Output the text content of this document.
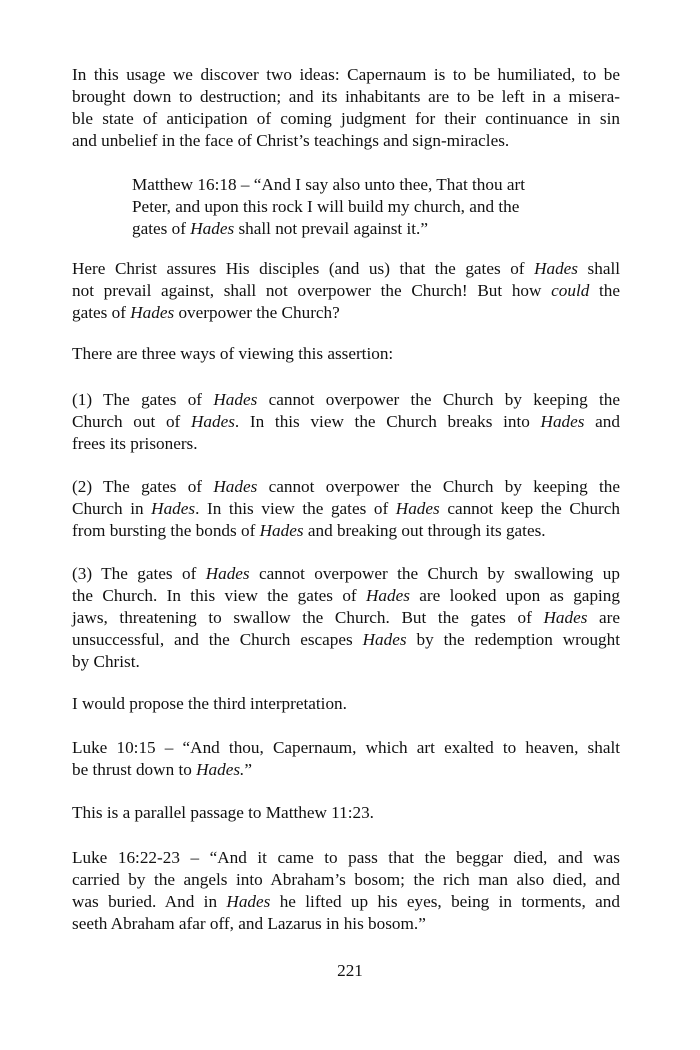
In this usage we discover two ideas: Capernaum is to be humiliated, to be
brought down to destruction; and its inhabitants are to be left in a misera-
ble state of anticipation of coming judgment for their continuance in sin
and unbelief in the face of Christ’s teachings and sign-miracles.
Matthew 16:18 – “And I say also unto thee, That thou art
Peter, and upon this rock I will build my church, and the
gates of Hades shall not prevail against it.”
Here Christ assures His disciples (and us) that the gates of Hades shall
not prevail against, shall not overpower the Church! But how could the
gates of Hades overpower the Church?
There are three ways of viewing this assertion:
(1) The gates of Hades cannot overpower the Church by keeping the
Church out of Hades. In this view the Church breaks into Hades and
frees its prisoners.
(2) The gates of Hades cannot overpower the Church by keeping the
Church in Hades. In this view the gates of Hades cannot keep the Church
from bursting the bonds of Hades and breaking out through its gates.
(3) The gates of Hades cannot overpower the Church by swallowing up
the Church. In this view the gates of Hades are looked upon as gaping
jaws, threatening to swallow the Church. But the gates of Hades are
unsuccessful, and the Church escapes Hades by the redemption wrought
by Christ.
I would propose the third interpretation.
Luke 10:15 – “And thou, Capernaum, which art exalted to heaven, shalt
be thrust down to Hades.”
This is a parallel passage to Matthew 11:23.
Luke 16:22-23 – “And it came to pass that the beggar died, and was
carried by the angels into Abraham’s bosom; the rich man also died, and
was buried. And in Hades he lifted up his eyes, being in torments, and
seeth Abraham afar off, and Lazarus in his bosom.”
221
